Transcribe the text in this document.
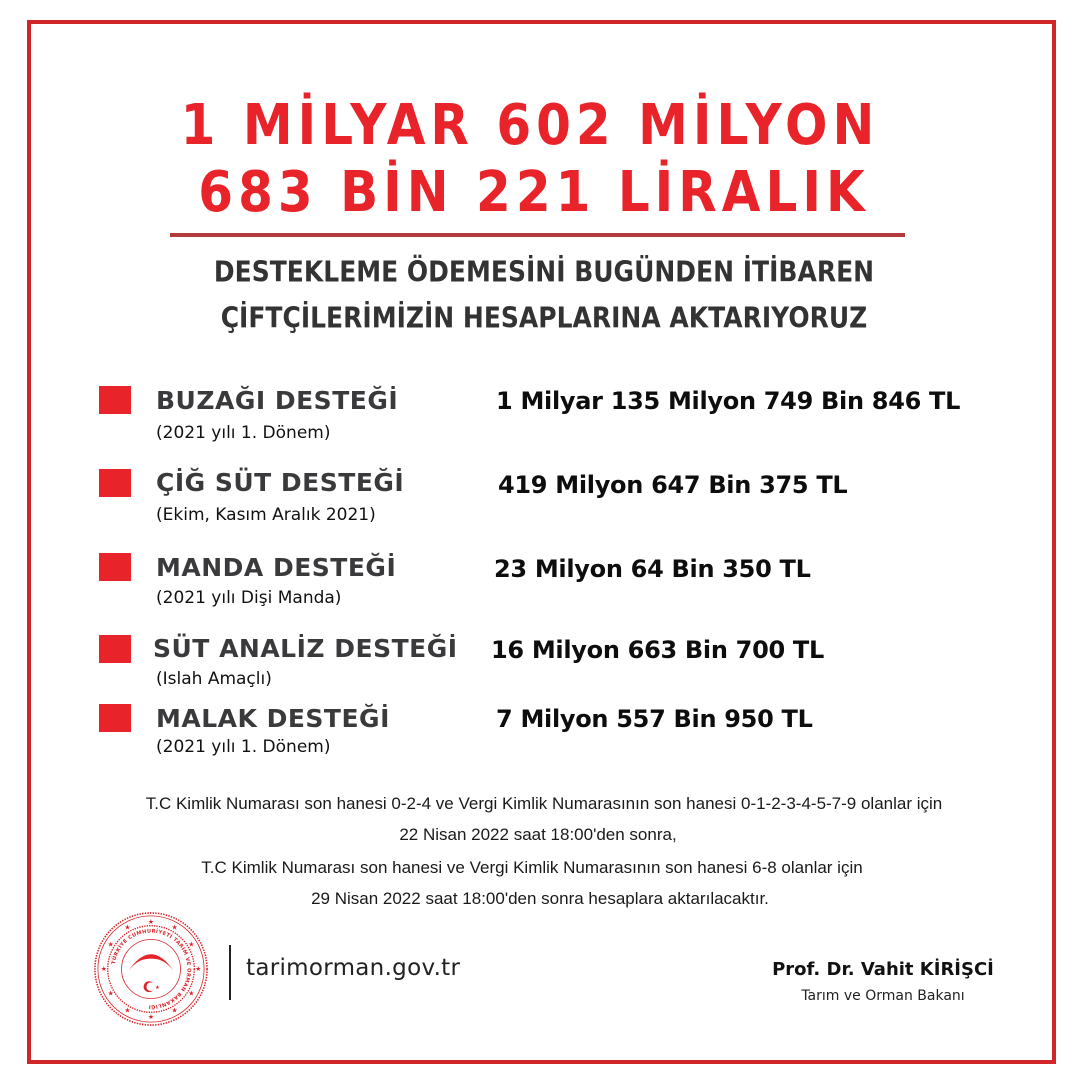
1 MİLYAR 602 MİLYON
683 BİN 221 LİRALIK
DESTEKLEME ÖDEMESİNİ BUGÜNDEN İTİBAREN
ÇİFTÇİLERİMİZİN HESAPLARINA AKTARIYORUZ
BUZAĞI DESTEĞİ
(2021 yılı 1. Dönem)
1 Milyar 135 Milyon 749 Bin 846 TL
ÇİĞ SÜT DESTEĞİ
(Ekim, Kasım Aralık 2021)
419 Milyon 647 Bin 375 TL
MANDA DESTEĞİ
(2021 yılı Dişi Manda)
23 Milyon 64 Bin 350 TL
SÜT ANALİZ DESTEĞİ
(Islah Amaçlı)
16 Milyon 663 Bin 700 TL
MALAK DESTEĞİ
(2021 yılı 1. Dönem)
7 Milyon 557 Bin 950 TL
T.C Kimlik Numarası son hanesi 0-2-4 ve Vergi Kimlik Numarasının son hanesi 0-1-2-3-4-5-7-9 olanlar için
22 Nisan 2022 saat 18:00'den sonra,
T.C Kimlik Numarası son hanesi ve Vergi Kimlik Numarasının son hanesi 6-8 olanlar için
29 Nisan 2022 saat 18:00'den sonra hesaplara aktarılacaktır.
★
★
★
★
★
★
★
★
★
★
★
★
TÜRKİYE CUMHURİYETİ TARIM VE ORMAN BAKANLIĞI
★
tarimorman.gov.tr	Prof. Dr. Vahit KİRİŞCİ
Tarım ve Orman Bakanı
